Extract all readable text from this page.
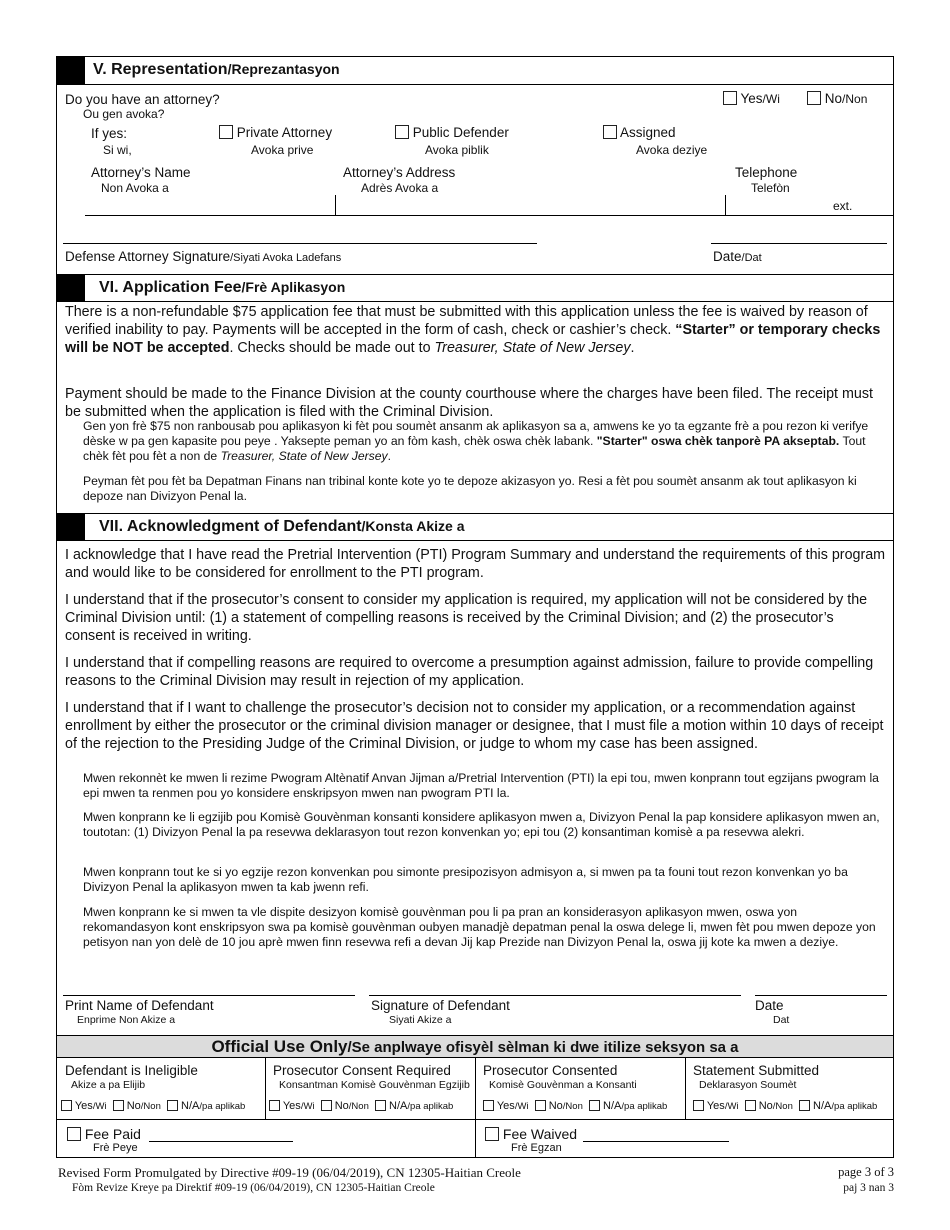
V. Representation/Reprezantasyon
Do you have an attorney?
Ou gen avoka?
Yes/Wi	No/Non
If yes:
Si wi,
Private Attorney
Avoka prive
Public Defender
Avoka piblik
Assigned
Avoka deziye
Attorney’s Name
Non Avoka a
Attorney’s Address
Adrès Avoka a
Telephone
Telefòn
ext.
Defense Attorney Signature/Siyati Avoka Ladefans	Date/Dat
VI. Application Fee/Frè Aplikasyon
There is a non-refundable $75 application fee that must be submitted with this application unless the fee is waived by reason of verified inability to pay. Payments will be accepted in the form of cash, check or cashier’s check. “Starter” or temporary checks will be NOT be accepted. Checks should be made out to Treasurer, State of New Jersey.
Payment should be made to the Finance Division at the county courthouse where the charges have been filed. The receipt must be submitted when the application is filed with the Criminal Division.
Gen yon frè $75 non ranbousab pou aplikasyon ki fèt pou soumèt ansanm ak aplikasyon sa a, amwens ke yo ta egzante frè a pou rezon ki verifye dèske w pa gen kapasite pou peye . Yaksepte peman yo an fòm kash, chèk oswa chèk labank. "Starter" oswa chèk tanporè PA akseptab. Tout chèk fèt pou fèt a non de Treasurer, State of New Jersey.
Peyman fèt pou fèt ba Depatman Finans nan tribinal konte kote yo te depoze akizasyon yo. Resi a fèt pou soumèt ansanm ak tout aplikasyon ki depoze nan Divizyon Penal la.
VII. Acknowledgment of Defendant/Konsta Akize a
I acknowledge that I have read the Pretrial Intervention (PTI) Program Summary and understand the requirements of this program and would like to be considered for enrollment to the PTI program.
I understand that if the prosecutor’s consent to consider my application is required, my application will not be considered by the Criminal Division until: (1) a statement of compelling reasons is received by the Criminal Division; and (2) the prosecutor’s consent is received in writing.
I understand that if compelling reasons are required to overcome a presumption against admission, failure to provide compelling reasons to the Criminal Division may result in rejection of my application.
I understand that if I want to challenge the prosecutor’s decision not to consider my application, or a recommendation against enrollment by either the prosecutor or the criminal division manager or designee, that I must file a motion within 10 days of receipt of the rejection to the Presiding Judge of the Criminal Division, or judge to whom my case has been assigned.
Mwen rekonnèt ke mwen li rezime Pwogram Altènatif Anvan Jijman a/Pretrial Intervention (PTI) la epi tou, mwen konprann tout egzijans pwogram la epi mwen ta renmen pou yo konsidere enskripsyon mwen nan pwogram PTI la.
Mwen konprann ke li egzijib pou Komisè Gouvènman konsanti konsidere aplikasyon mwen a, Divizyon Penal la pap konsidere aplikasyon mwen an, toutotan: (1) Divizyon Penal la pa resevwa deklarasyon tout rezon konvenkan yo; epi tou (2) konsantiman komisè a pa resevwa alekri.
Mwen konprann tout ke si yo egzije rezon konvenkan pou simonte presipozisyon admisyon a, si mwen pa ta founi tout rezon konvenkan yo ba Divizyon Penal la aplikasyon mwen ta kab jwenn refi.
Mwen konprann ke si mwen ta vle dispite desizyon komisè gouvènman pou li pa pran an konsiderasyon aplikasyon mwen, oswa yon rekomandasyon kont enskripsyon swa pa komisè gouvènman oubyen manadjè depatman penal la oswa delege li, mwen fèt pou mwen depoze yon petisyon nan yon delè de 10 jou aprè mwen finn resevwa refi a devan Jij kap Prezide nan Divizyon Penal la, oswa jij kote ka mwen a deziye.
Print Name of Defendant
Enprime Non Akize a
Signature of Defendant
Siyati Akize a
Date
Dat
Official Use Only/Se anplwaye ofisyèl sèlman ki dwe itilize seksyon sa a
Defendant is Ineligible
Akize a pa Elijib
Yes/Wi No/Non N/A/pa aplikab
Prosecutor Consent Required
Konsantman Komisè Gouvènman Egzijib
Yes/Wi No/Non N/A/pa aplikab
Prosecutor Consented
Komisè Gouvènman a Konsanti
Yes/Wi No/Non N/A/pa aplikab
Statement Submitted
Deklarasyon Soumèt
Yes/Wi No/Non N/A/pa aplikab
Fee Paid
Frè Peye
Fee Waived
Frè Egzan
Revised Form Promulgated by Directive #09-19 (06/04/2019), CN 12305-Haitian Creole
Fòm Revize Kreye pa Direktif #09-19 (06/04/2019), CN 12305-Haitian Creole
page 3 of 3
paj 3 nan 3
